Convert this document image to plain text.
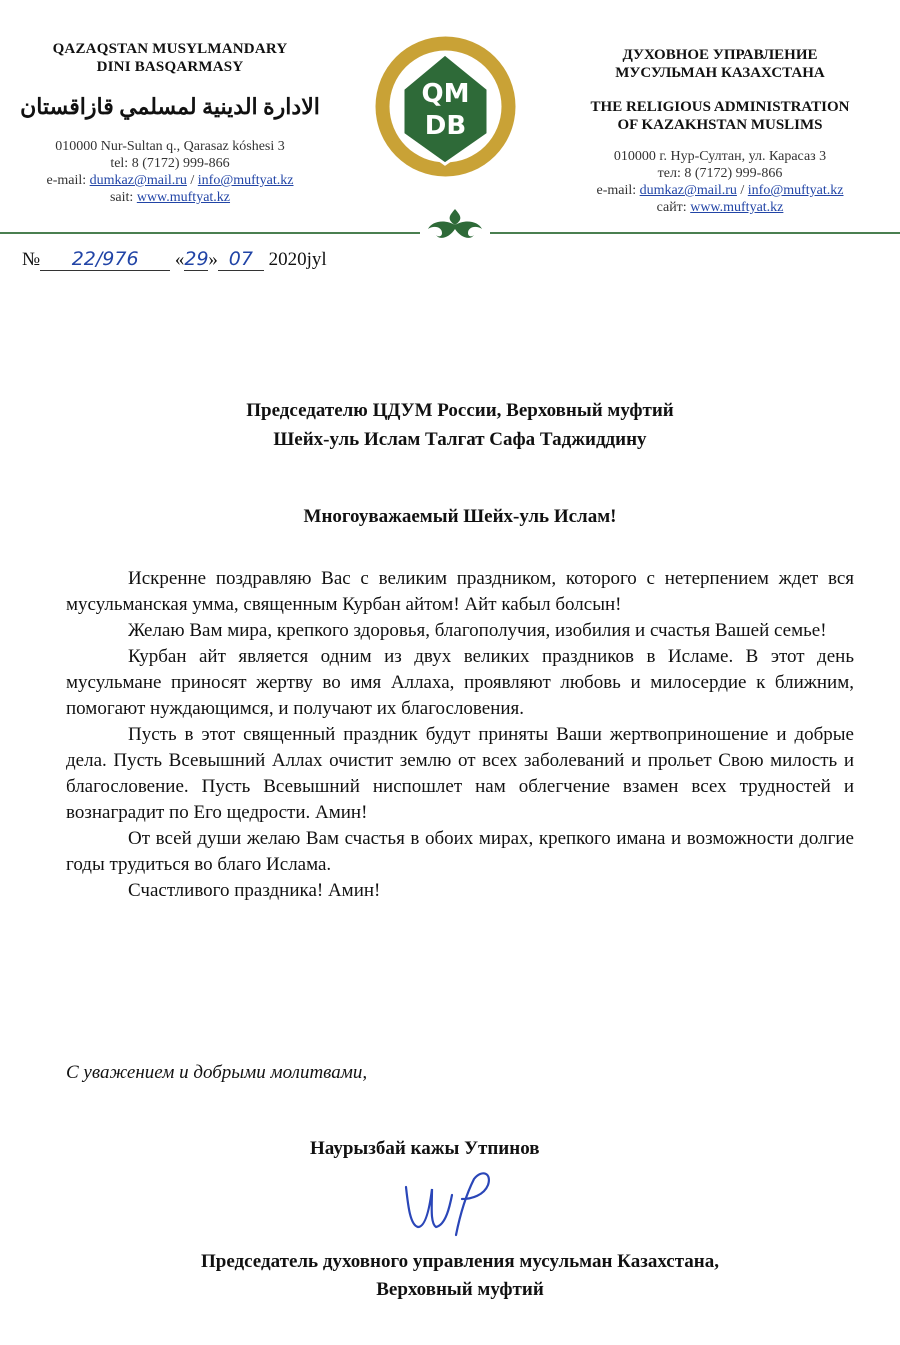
QAZAQSTAN MUSYLMANDARY
DINI BASQARMASY
الادارة الدينية لمسلمي قازاقستان
010000 Nur-Sultan q., Qarasaz kóshesi 3
tel: 8 (7172) 999-866
e-mail: dumkaz@mail.ru / info@muftyat.kz
sait: www.muftyat.kz
QM
DB
ДУХОВНОЕ УПРАВЛЕНИЕ
МУСУЛЬМАН КАЗАХСТАНА
THE RELIGIOUS ADMINISTRATION
OF KAZAKHSTAN MUSLIMS
010000 г. Нур-Султан, ул. Карасаз 3
тел: 8 (7172) 999-866
e-mail: dumkaz@mail.ru / info@muftyat.kz
сайт: www.muftyat.kz
№ 22/976 «29» 07 2020jyl
Председателю ЦДУМ России, Верховный муфтий
Шейх-уль Ислам Талгат Сафа Таджиддину
Многоуважаемый Шейх-уль Ислам!

Искренне поздравляю Вас с великим праздником, которого с нетерпением ждет вся мусульманская умма, священным Курбан айтом! Айт кабыл болсын!

Желаю Вам мира, крепкого здоровья, благополучия, изобилия и счастья Вашей семье!

Курбан айт является одним из двух великих праздников в Исламе. В этот день мусульмане приносят жертву во имя Аллаха, проявляют любовь и милосердие к ближним, помогают нуждающимся, и получают их благословения.

Пусть в этот священный праздник будут приняты Ваши жертвоприношение и добрые дела. Пусть Всевышний Аллах очистит землю от всех заболеваний и прольет Свою милость и благословение. Пусть Всевышний ниспошлет нам облегчение взамен всех трудностей и вознаградит по Его щедрости. Амин!

От всей души желаю Вам счастья в обоих мирах, крепкого имана и возможности долгие годы трудиться во благо Ислама.

Счастливого праздника! Амин!

С уважением и добрыми молитвами,
Наурызбай кажы Утпинов
Председатель духовного управления мусульман Казахстана,
Верховный муфтий
